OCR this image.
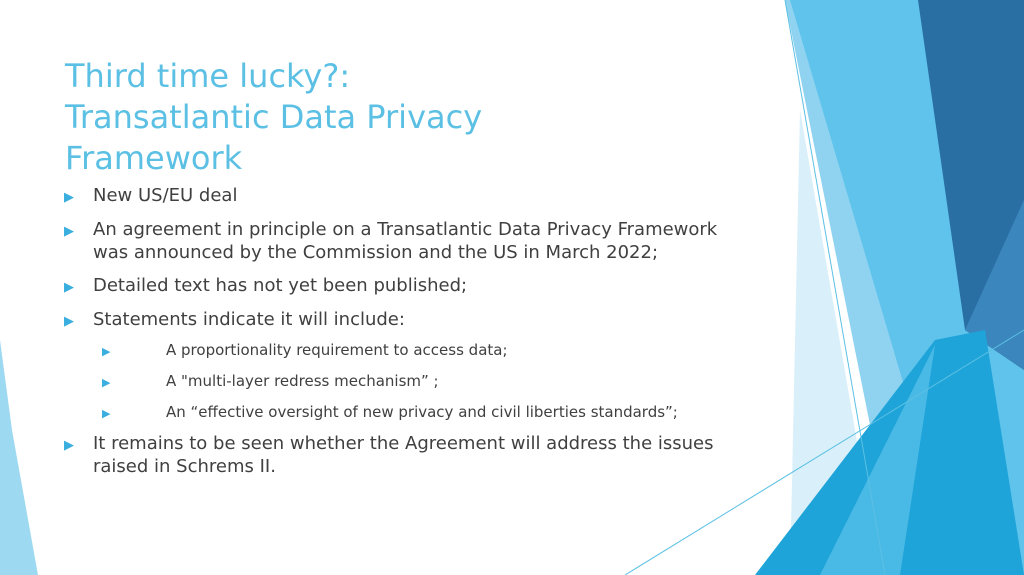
Third time lucky?:
Transatlantic Data Privacy
Framework
▶ New US/EU deal
▶ An agreement in principle on a Transatlantic Data Privacy Framework was announced by the Commission and the US in March 2022;
▶ Detailed text has not yet been published;
▶ Statements indicate it will include:
▶	A proportionality requirement to access data;
▶	A "multi-layer redress mechanism” ;
▶	An “effective oversight of new privacy and civil liberties standards”;
▶ It remains to be seen whether the Agreement will address the issues raised in Schrems II.
